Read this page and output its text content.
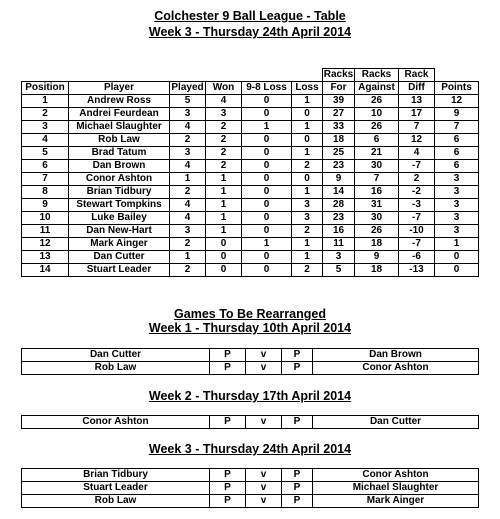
Colchester 9 Ball League - Table
Week 3 - Thursday 24th April 2014
						Racks	Racks	Rack	
Position	Player	Played	Won	9-8 Loss	Loss	For	Against	Diff	Points
1	Andrew Ross	5	4	0	1	39	26	13	12
2	Andrei Feurdean	3	3	0	0	27	10	17	9
3	Michael Slaughter	4	2	1	1	33	26	7	7
4	Rob Law	2	2	0	0	18	6	12	6
5	Brad Tatum	3	2	0	1	25	21	4	6
6	Dan Brown	4	2	0	2	23	30	-7	6
7	Conor Ashton	1	1	0	0	9	7	2	3
8	Brian Tidbury	2	1	0	1	14	16	-2	3
9	Stewart Tompkins	4	1	0	3	28	31	-3	3
10	Luke Bailey	4	1	0	3	23	30	-7	3
11	Dan New-Hart	3	1	0	2	16	26	-10	3
12	Mark Ainger	2	0	1	1	11	18	-7	1
13	Dan Cutter	1	0	0	1	3	9	-6	0
14	Stuart Leader	2	0	0	2	5	18	-13	0
Games To Be Rearranged
Week 1 - Thursday 10th April 2014
Dan Cutter	P	v	P	Dan Brown
Rob Law	P	v	P	Conor Ashton
Week 2 - Thursday 17th April 2014
Conor Ashton	P	v	P	Dan Cutter
Week 3 - Thursday 24th April 2014
Brian Tidbury	P	v	P	Conor Ashton
Stuart Leader	P	v	P	Michael Slaughter
Rob Law	P	v	P	Mark Ainger
